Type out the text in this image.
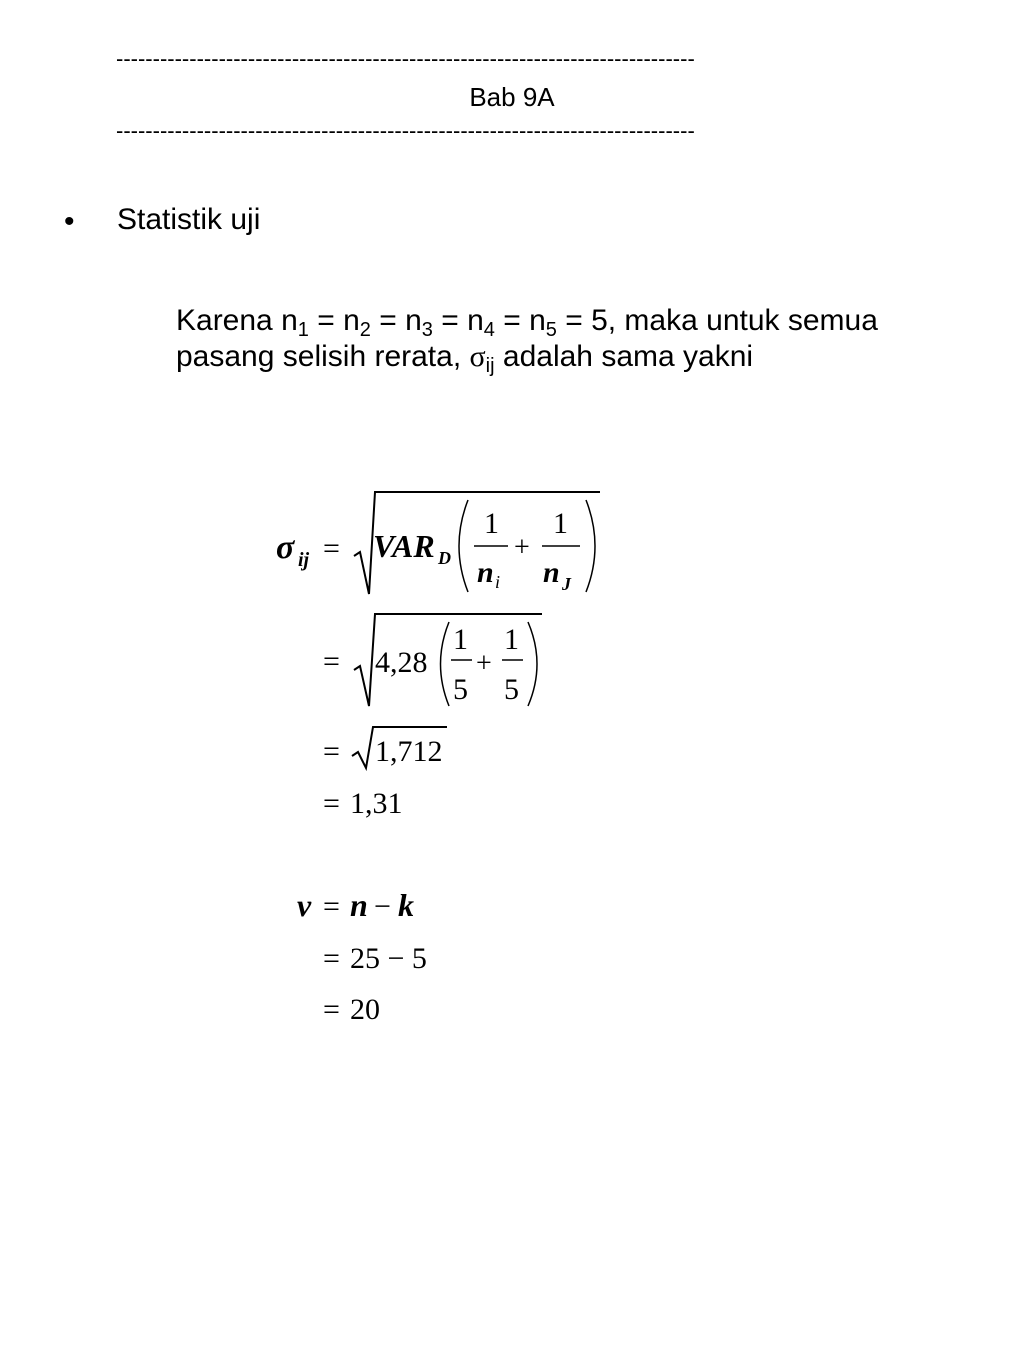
-------------------------------------------------------------------------------
Bab 9A
-------------------------------------------------------------------------------
• Statistik uji
Karena $n_1 = n_2 = n_3 = n_4 = n_5 = 5$, maka untuk semua pasang selisih rerata, $\sigma_{ij}$ adalah sama yakni
σ ij = VAR D
1
n i
+
1
n J
= 4,28
1
5
+
1
5
= 1,712
= 1,31
ν = n − k
= 25 − 5
= 20
